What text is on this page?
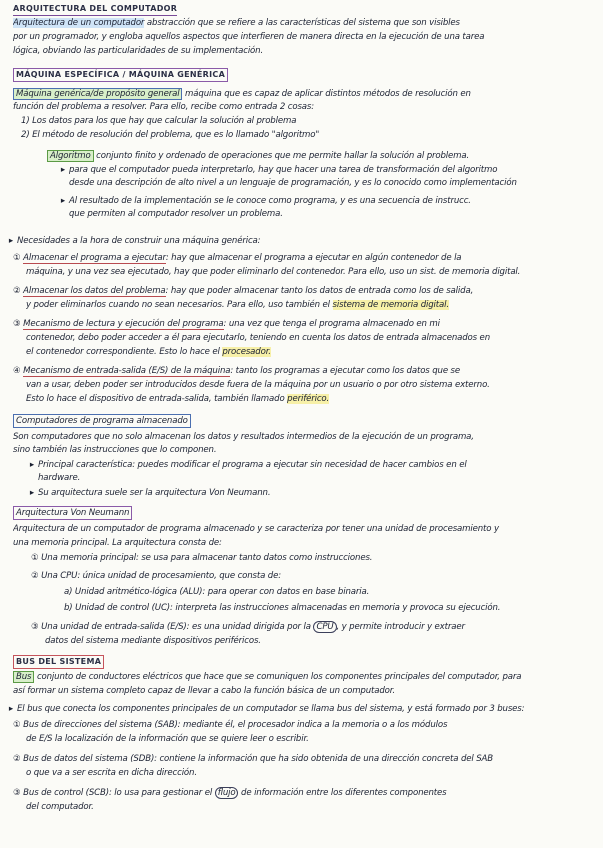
ARQUITECTURA DEL COMPUTADOR
Arquitectura de un computador abstracción que se refiere a las características del sistema que son visibles
por un programador, y engloba aquellos aspectos que interfieren de manera directa en la ejecución de una tarea
lógica, obviando las particularidades de su implementación.
MÁQUINA ESPECÍFICA / MÁQUINA GENÉRICA
Máquina genérica/de propósito general máquina que es capaz de aplicar distintos métodos de resolución en
función del problema a resolver. Para ello, recibe como entrada 2 cosas:
1) Los datos para los que hay que calcular la solución al problema
2) El método de resolución del problema, que es lo llamado "algoritmo"
Algoritmo conjunto finito y ordenado de operaciones que me permite hallar la solución al problema.
▸ para que el computador pueda interpretarlo, hay que hacer una tarea de transformación del algoritmo
desde una descripción de alto nivel a un lenguaje de programación, y es lo conocido como implementación
▸ Al resultado de la implementación se le conoce como programa, y es una secuencia de instrucc.
que permiten al computador resolver un problema.
▸ Necesidades a la hora de construir una máquina genérica:
① Almacenar el programa a ejecutar: hay que almacenar el programa a ejecutar en algún contenedor de la
máquina, y una vez sea ejecutado, hay que poder eliminarlo del contenedor. Para ello, uso un sist. de memoria digital.
② Almacenar los datos del problema: hay que poder almacenar tanto los datos de entrada como los de salida,
y poder eliminarlos cuando no sean necesarios. Para ello, uso también el sistema de memoria digital.
③ Mecanismo de lectura y ejecución del programa: una vez que tenga el programa almacenado en mi
contenedor, debo poder acceder a él para ejecutarlo, teniendo en cuenta los datos de entrada almacenados en
el contenedor correspondiente. Esto lo hace el procesador.
④ Mecanismo de entrada-salida (E/S) de la máquina: tanto los programas a ejecutar como los datos que se
van a usar, deben poder ser introducidos desde fuera de la máquina por un usuario o por otro sistema externo.
Esto lo hace el dispositivo de entrada-salida, también llamado periférico.
Computadores de programa almacenado
Son computadores que no solo almacenan los datos y resultados intermedios de la ejecución de un programa,
sino también las instrucciones que lo componen.
▸ Principal característica: puedes modificar el programa a ejecutar sin necesidad de hacer cambios en el
hardware.
▸ Su arquitectura suele ser la arquitectura Von Neumann.
Arquitectura Von Neumann
Arquitectura de un computador de programa almacenado y se caracteriza por tener una unidad de procesamiento y
una memoria principal. La arquitectura consta de:
① Una memoria principal: se usa para almacenar tanto datos como instrucciones.
② Una CPU: única unidad de procesamiento, que consta de:
a) Unidad aritmético-lógica (ALU): para operar con datos en base binaria.
b) Unidad de control (UC): interpreta las instrucciones almacenadas en memoria y provoca su ejecución.
③ Una unidad de entrada-salida (E/S): es una unidad dirigida por la CPU , y permite introducir y extraer
datos del sistema mediante dispositivos periféricos.
BUS DEL SISTEMA
Bus conjunto de conductores eléctricos que hace que se comuniquen los componentes principales del computador, para
así formar un sistema completo capaz de llevar a cabo la función básica de un computador.
▸ El bus que conecta los componentes principales de un computador se llama bus del sistema, y está formado por 3 buses:
① Bus de direcciones del sistema (SAB): mediante él, el procesador indica a la memoria o a los módulos
de E/S la localización de la información que se quiere leer o escribir.
② Bus de datos del sistema (SDB): contiene la información que ha sido obtenida de una dirección concreta del SAB
o que va a ser escrita en dicha dirección.
③ Bus de control (SCB): lo usa para gestionar el flujo de información entre los diferentes componentes
del computador.
